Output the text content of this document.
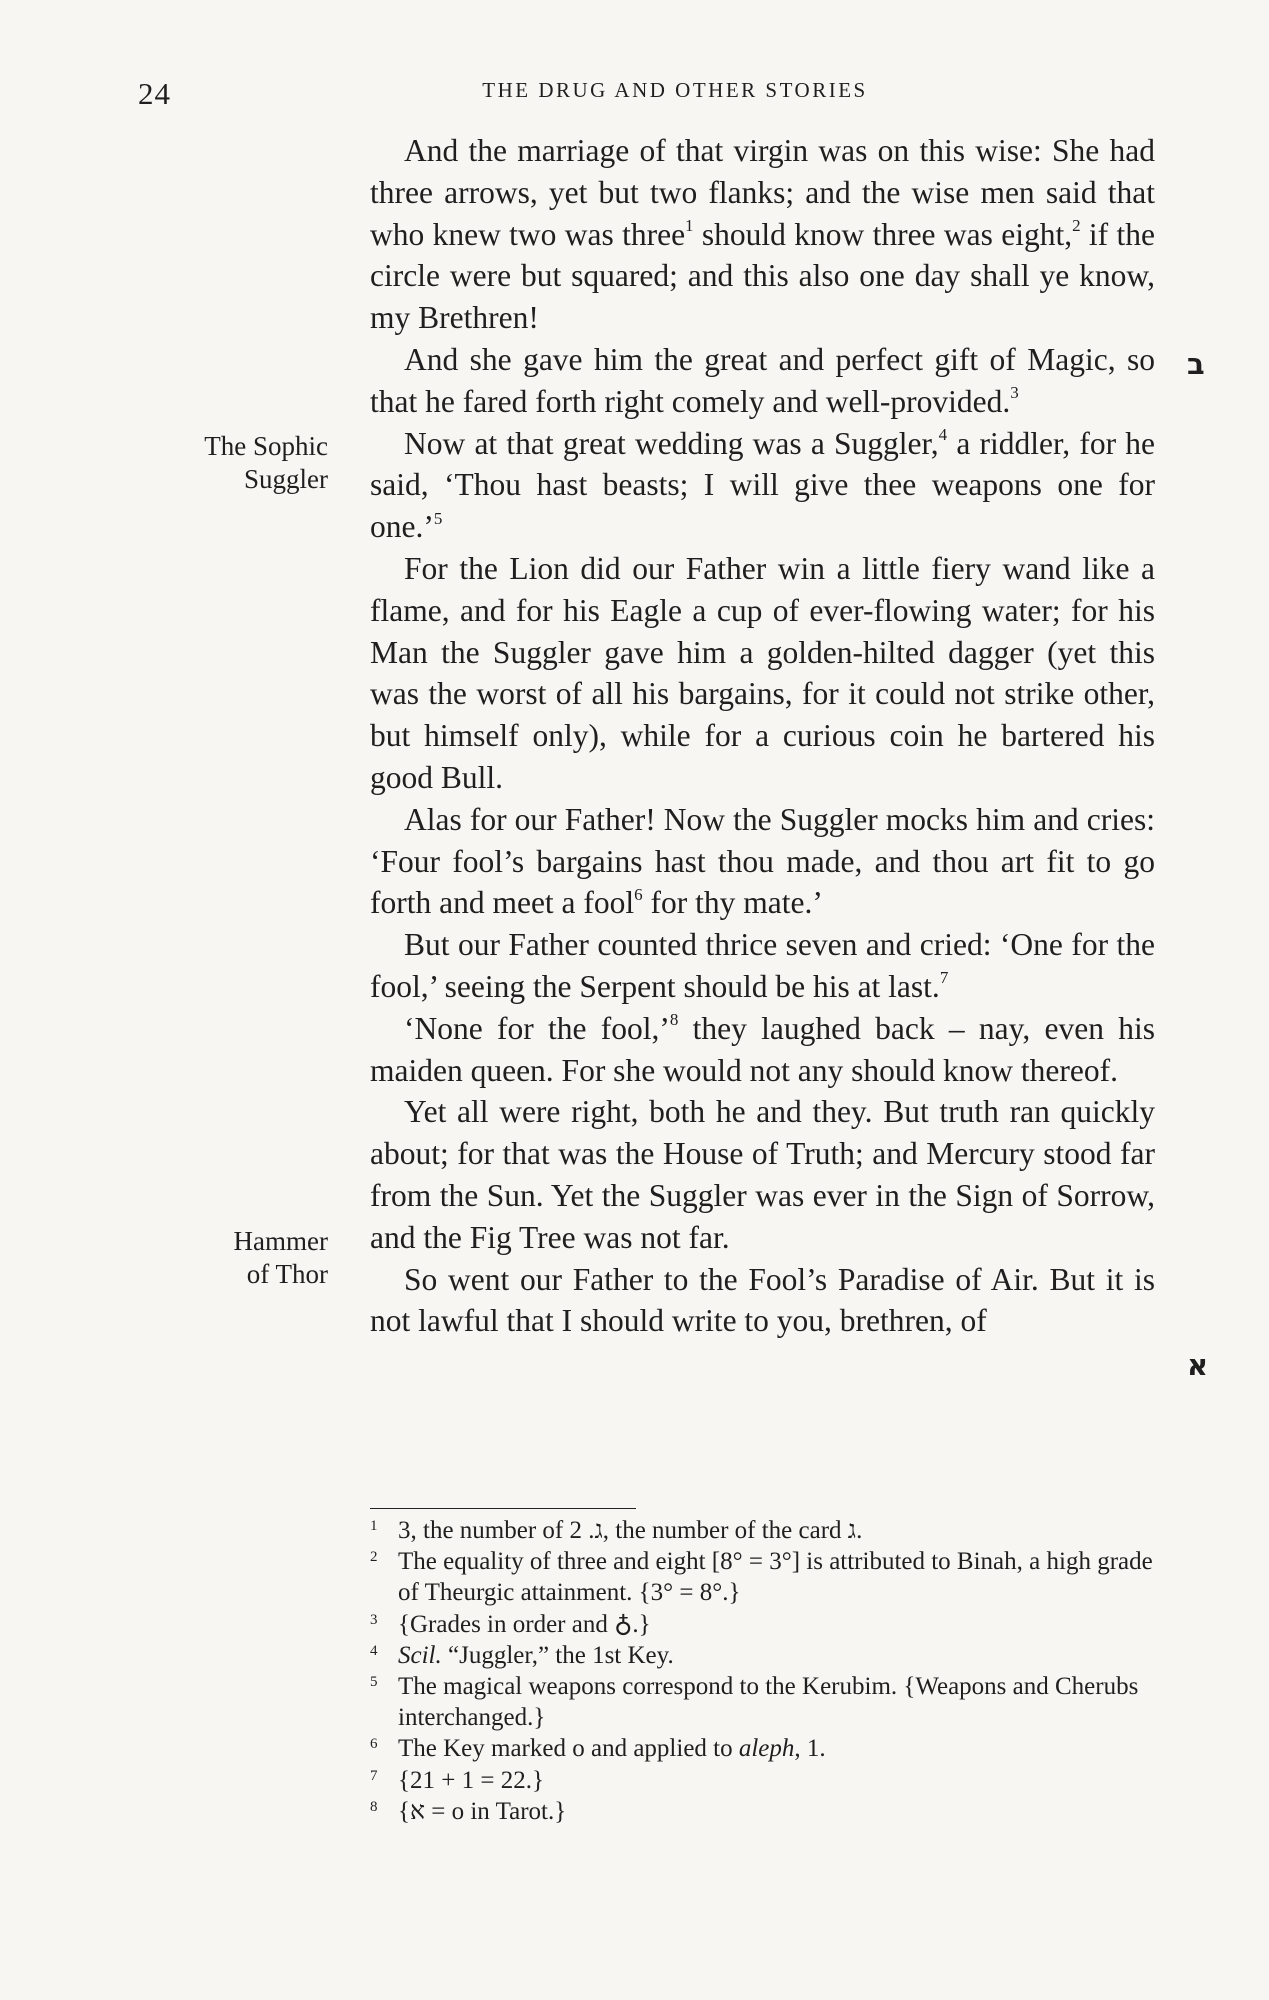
24	THE DRUG AND OTHER STORIES

And the marriage of that virgin was on this wise: She had three arrows, yet but two flanks; and the wise men said that who knew two was three$^1$ should know three was eight,$^2$ if the circle were but squared; and this also one day shall ye know, my Brethren!

And she gave him the great and perfect gift of Magic, so that he fared forth right comely and well-provided.$^3$

Now at that great wedding was a Suggler,$^4$ a riddler, for he said, ‘Thou hast beasts; I will give thee weapons one for one.’$^5$

For the Lion did our Father win a little fiery wand like a flame, and for his Eagle a cup of ever-flowing water; for his Man the Suggler gave him a golden-hilted dagger (yet this was the worst of all his bargains, for it could not strike other, but himself only), while for a curious coin he bartered his good Bull.

Alas for our Father! Now the Suggler mocks him and cries: ‘Four fool’s bargains hast thou made, and thou art fit to go forth and meet a fool$^6$ for thy mate.’

But our Father counted thrice seven and cried: ‘One for the fool,’ seeing the Serpent should be his at last.$^7$

‘None for the fool,’$^8$ they laughed back – nay, even his maiden queen. For she would not any should know thereof.

Yet all were right, both he and they. But truth ran quickly about; for that was the House of Truth; and Mercury stood far from the Sun. Yet the Suggler was ever in the Sign of Sorrow, and the Fig Tree was not far.

So went our Father to the Fool’s Paradise of Air. But it is not lawful that I should write to you, brethren, of

The Sophic
Suggler
Hammer
of Thor
ב
א
1 3, the number of ג. 2, the number of the card ג.
2 The equality of three and eight [8° = 3°] is attributed to Binah, a high grade of Theurgic attainment. {3° = 8°.}
3 {Grades in order and ♁.}
4 Scil. “Juggler,” the 1st Key.
5 The magical weapons correspond to the Kerubim. {Weapons and Cherubs interchanged.}
6 The Key marked o and applied to aleph, 1.
7 {21 + 1 = 22.}
8 {א = o in Tarot.}
